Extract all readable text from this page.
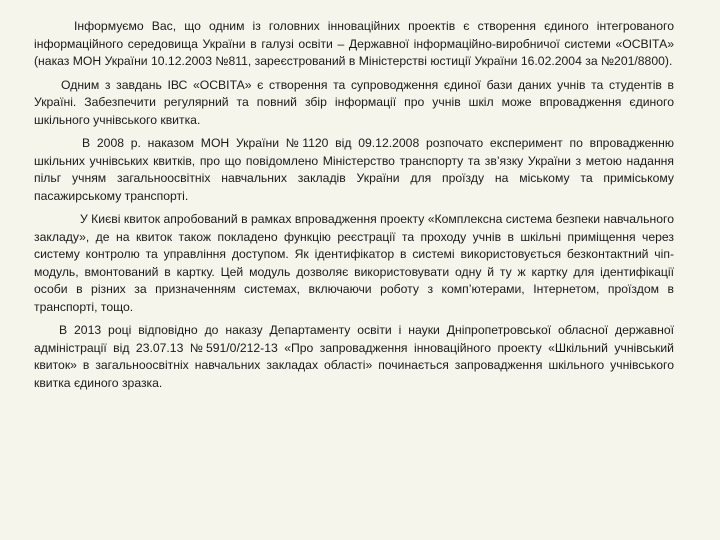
Інформуємо Вас, що одним із головних інноваційних проектів є створення єдиного інтегрованого інформаційного середовища України в галузі освіти – Державної інформаційно-виробничої системи «ОСВІТА» (наказ МОН України 10.12.2003 №811, зареєстрований в Міністерстві юстиції України 16.02.2004 за №201/8800).

Одним з завдань ІВС «ОСВІТА» є створення та супроводження єдиної бази даних учнів та студентів в Україні. Забезпечити регулярний та повний збір інформації про учнів шкіл може впровадження єдиного шкільного учнівського квитка.

В 2008 р. наказом МОН України №1120 від 09.12.2008 розпочато експеримент по впровадженню шкільних учнівських квитків, про що повідомлено Міністерство транспорту та зв’язку України з метою надання пільг учням загальноосвітніх навчальних закладів України для проїзду на міському та приміському пасажирському транспорті.

У Києві квиток апробований в рамках впровадження проекту «Комплексна система безпеки навчального закладу», де на квиток також покладено функцію реєстрації та проходу учнів в шкільні приміщення через систему контролю та управління доступом. Як ідентифікатор в системі використовується безконтактний чіп-модуль, вмонтований в картку. Цей модуль дозволяє використовувати одну й ту ж картку для ідентифікації особи в різних за призначенням системах, включаючи роботу з комп’ютерами, Інтернетом, проїздом в транспорті, тощо.

В 2013 році відповідно до наказу Департаменту освіти і науки Дніпропетровської обласної державної адміністрації від 23.07.13 №591/0/212-13 «Про запровадження інноваційного проекту «Шкільний учнівський квиток» в загальноосвітніх навчальних закладах області» починається запровадження шкільного учнівського квитка єдиного зразка.
